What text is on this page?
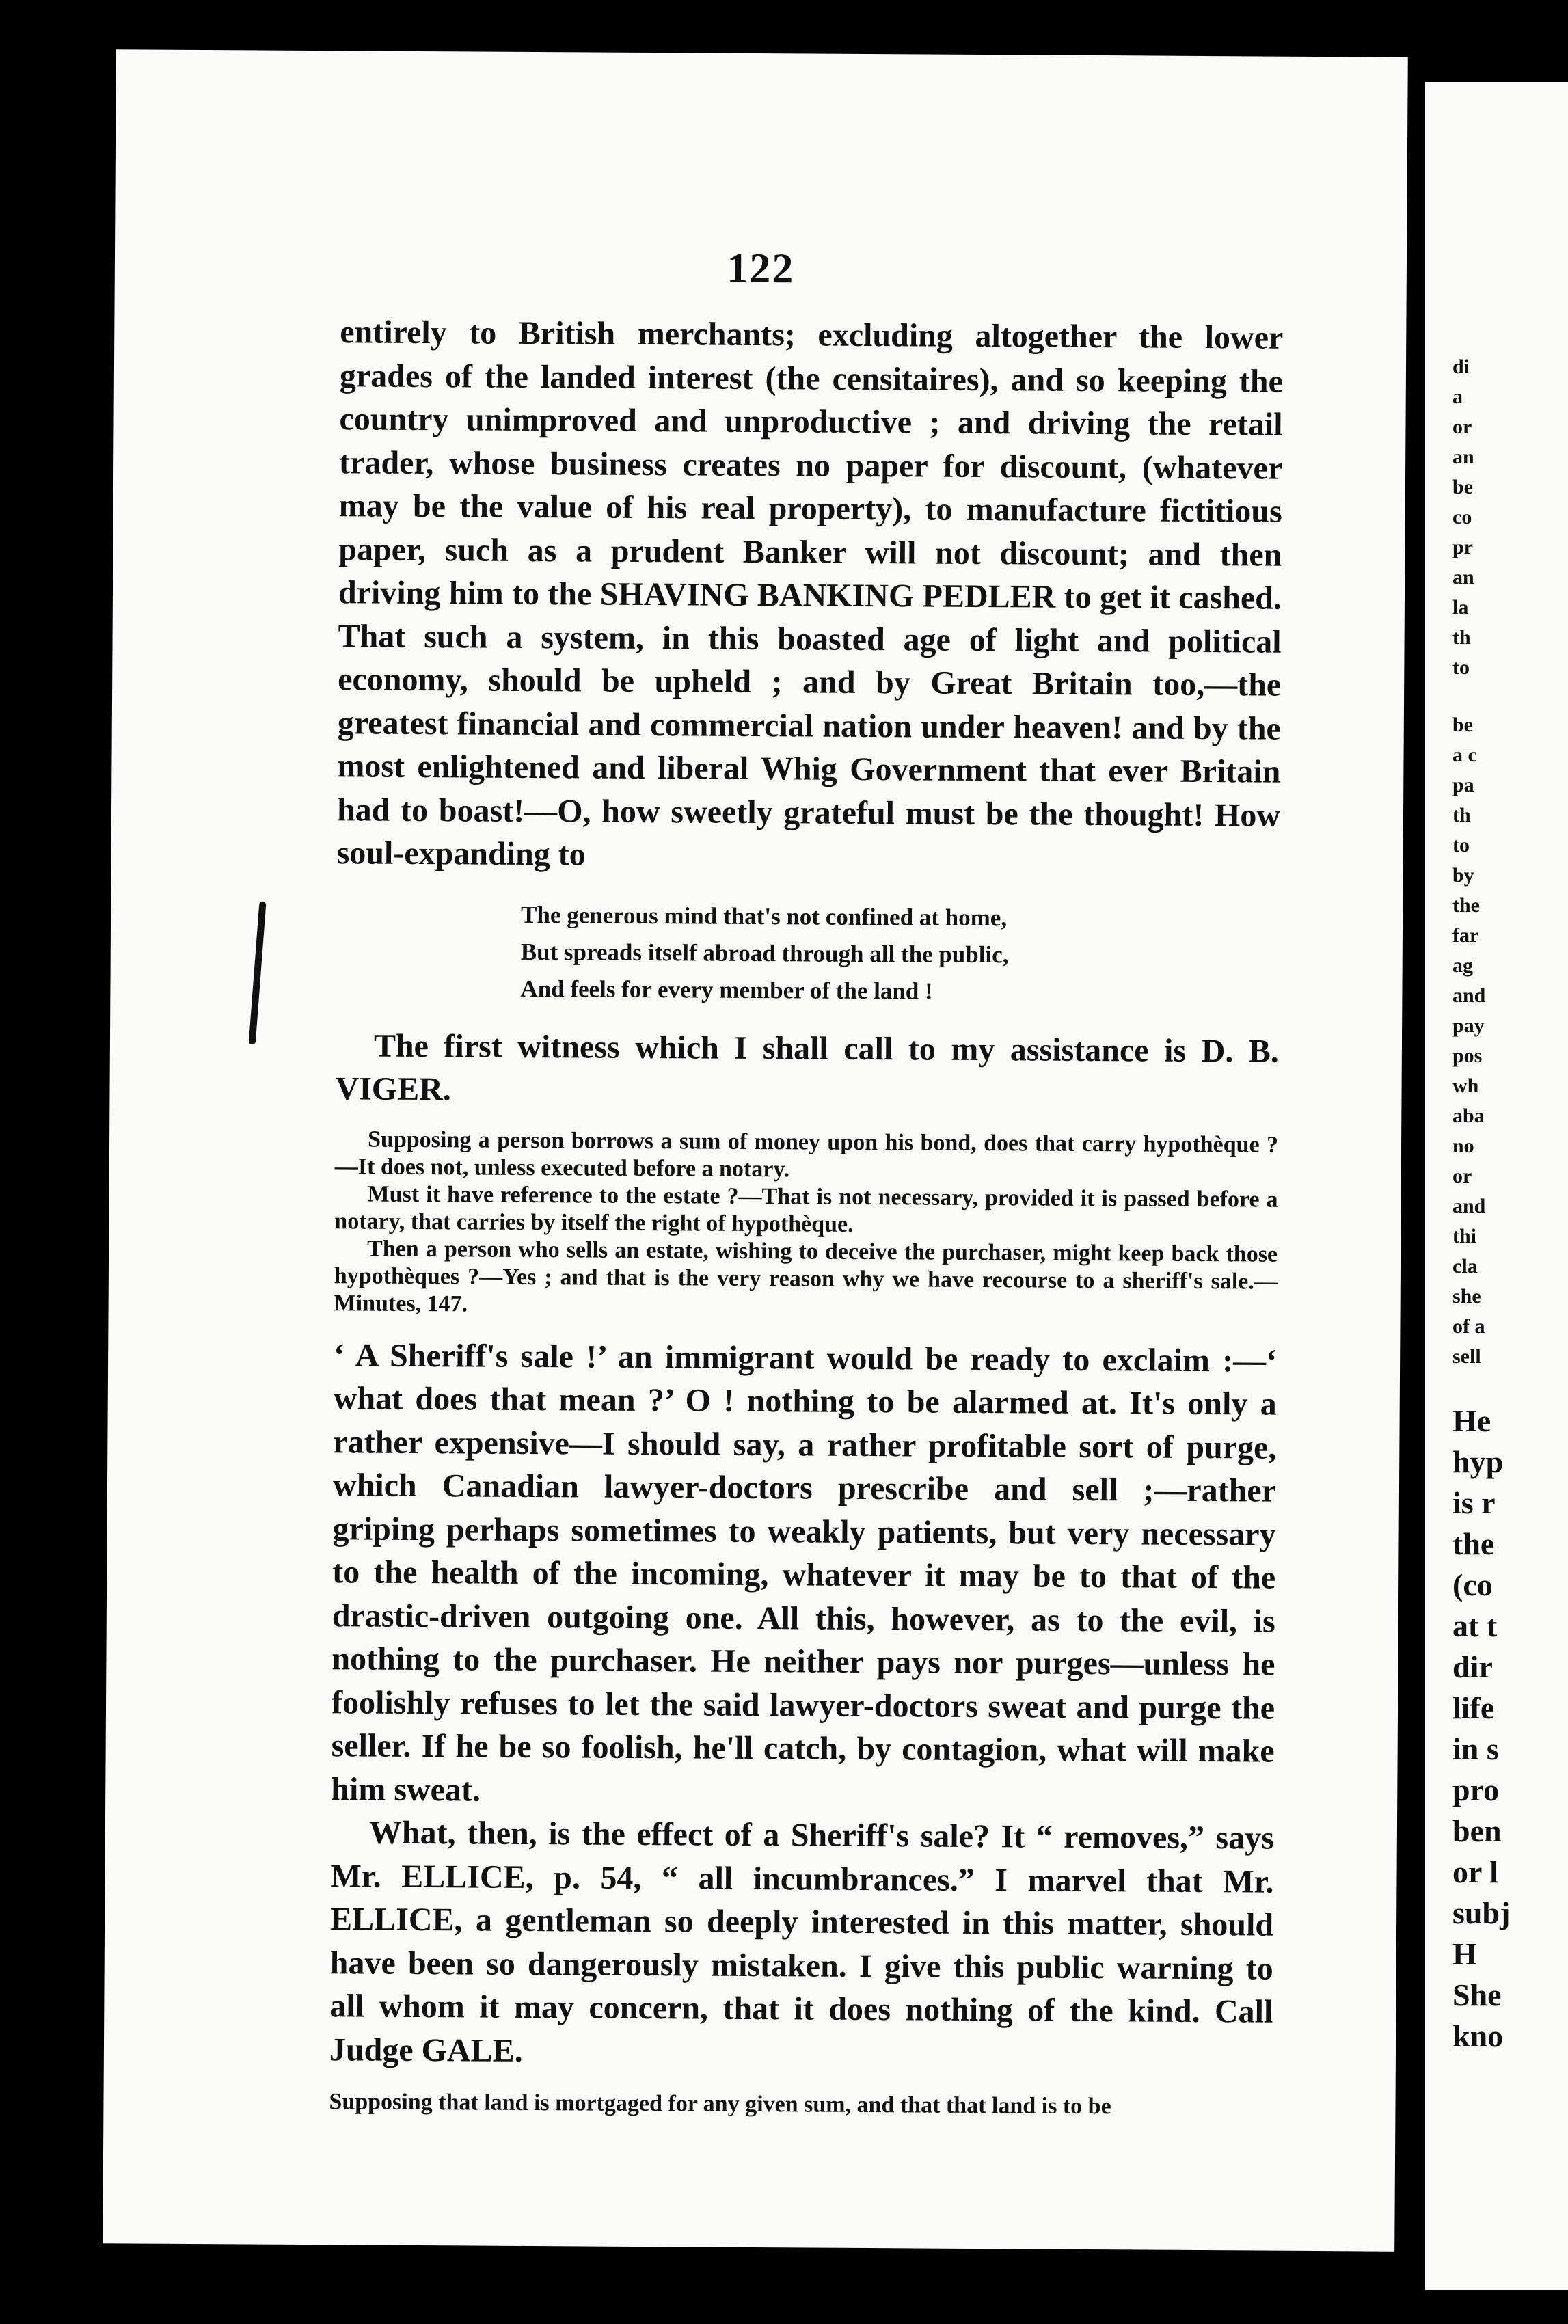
122

entirely to British merchants; excluding altogether the lower grades of the landed interest (the censitaires), and so keeping the country unimproved and unproductive ; and driving the retail trader, whose business creates no paper for discount, (whatever may be the value of his real property), to manufacture fictitious paper, such as a prudent Banker will not discount; and then driving him to the SHAVING BANKING PEDLER to get it cashed. That such a system, in this boasted age of light and political economy, should be upheld ; and by Great Britain too,—the greatest financial and commercial nation under heaven! and by the most enlightened and liberal Whig Government that ever Britain had to boast!—O, how sweetly grateful must be the thought! How soul-expanding to

The generous mind that's not confined at home,
But spreads itself abroad through all the public,
And feels for every member of the land !

The first witness which I shall call to my assistance is D. B. VIGER.

Supposing a person borrows a sum of money upon his bond, does that carry hypothèque ?—It does not, unless executed before a notary.
Must it have reference to the estate ?—That is not necessary, provided it is passed before a notary, that carries by itself the right of hypothèque.
Then a person who sells an estate, wishing to deceive the purchaser, might keep back those hypothèques ?—Yes ; and that is the very reason why we have recourse to a sheriff's sale.—Minutes, 147.

‘ A Sheriff's sale !’ an immigrant would be ready to exclaim :—‘ what does that mean ?’ O ! nothing to be alarmed at. It's only a rather expensive—I should say, a rather profitable sort of purge, which Canadian lawyer-doctors prescribe and sell ;—rather griping perhaps sometimes to weakly patients, but very necessary to the health of the incoming, whatever it may be to that of the drastic-driven outgoing one. All this, however, as to the evil, is nothing to the purchaser. He neither pays nor purges—unless he foolishly refuses to let the said lawyer-doctors sweat and purge the seller. If he be so foolish, he'll catch, by contagion, what will make him sweat.

What, then, is the effect of a Sheriff's sale? It “ removes,” says Mr. ELLICE, p. 54, “ all incumbrances.” I marvel that Mr. ELLICE, a gentleman so deeply interested in this matter, should have been so dangerously mistaken. I give this public warning to all whom it may concern, that it does nothing of the kind. Call Judge GALE.

Supposing that land is mortgaged for any given sum, and that that land is to be

di
a
or
an
be
co
pr
an
la
th
to
be
a c
pa
th
to
by
the
far
ag
and
pay
pos
wh
aba
no
or
and
thi
cla
she
of a
sell
He
hyp
is r
the
(co
at t
dir
life
in s
pro
ben
or l
subj
H
She
kno
